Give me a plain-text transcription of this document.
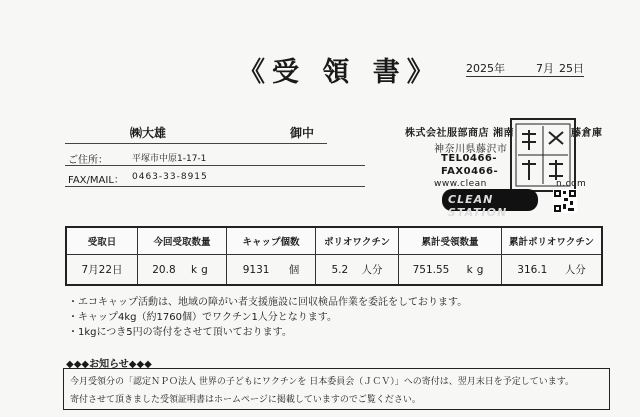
《受 領 書》 2025年	7月 25日
㈱大雄	御中
ご住所：	平塚市中原1-17-1
FAX/MAIL： 0463-33-8915
株式会社服部商店 湘南	藤倉庫
神奈川県藤沢市
TEL0466-
FAX0466-
www.clean	n.com
CLEAN STATION
受取日	今回受取数量	キャップ個数	ポリオワクチン	累計受領数量	累計ポリオワクチン
7月22日	20.8 kg	9131 個	5.2 人分	751.55 kg	316.1 人分
・エコキャップ活動は、地域の障がい者支援施設に回収検品作業を委託をしております。
・キャップ4kg（約1760個）でワクチン1人分となります。
・1kgにつき5円の寄付をさせて頂いております。
◆◆◆お知らせ◆◆◆
今月受領分の「認定ＮＰＯ法人 世界の子どもにワクチンを 日本委員会（ＪＣＶ）」への寄付は、翌月末日を予定しています。
寄付させて頂きました受領証明書はホームページに掲載していますのでご覧ください。
